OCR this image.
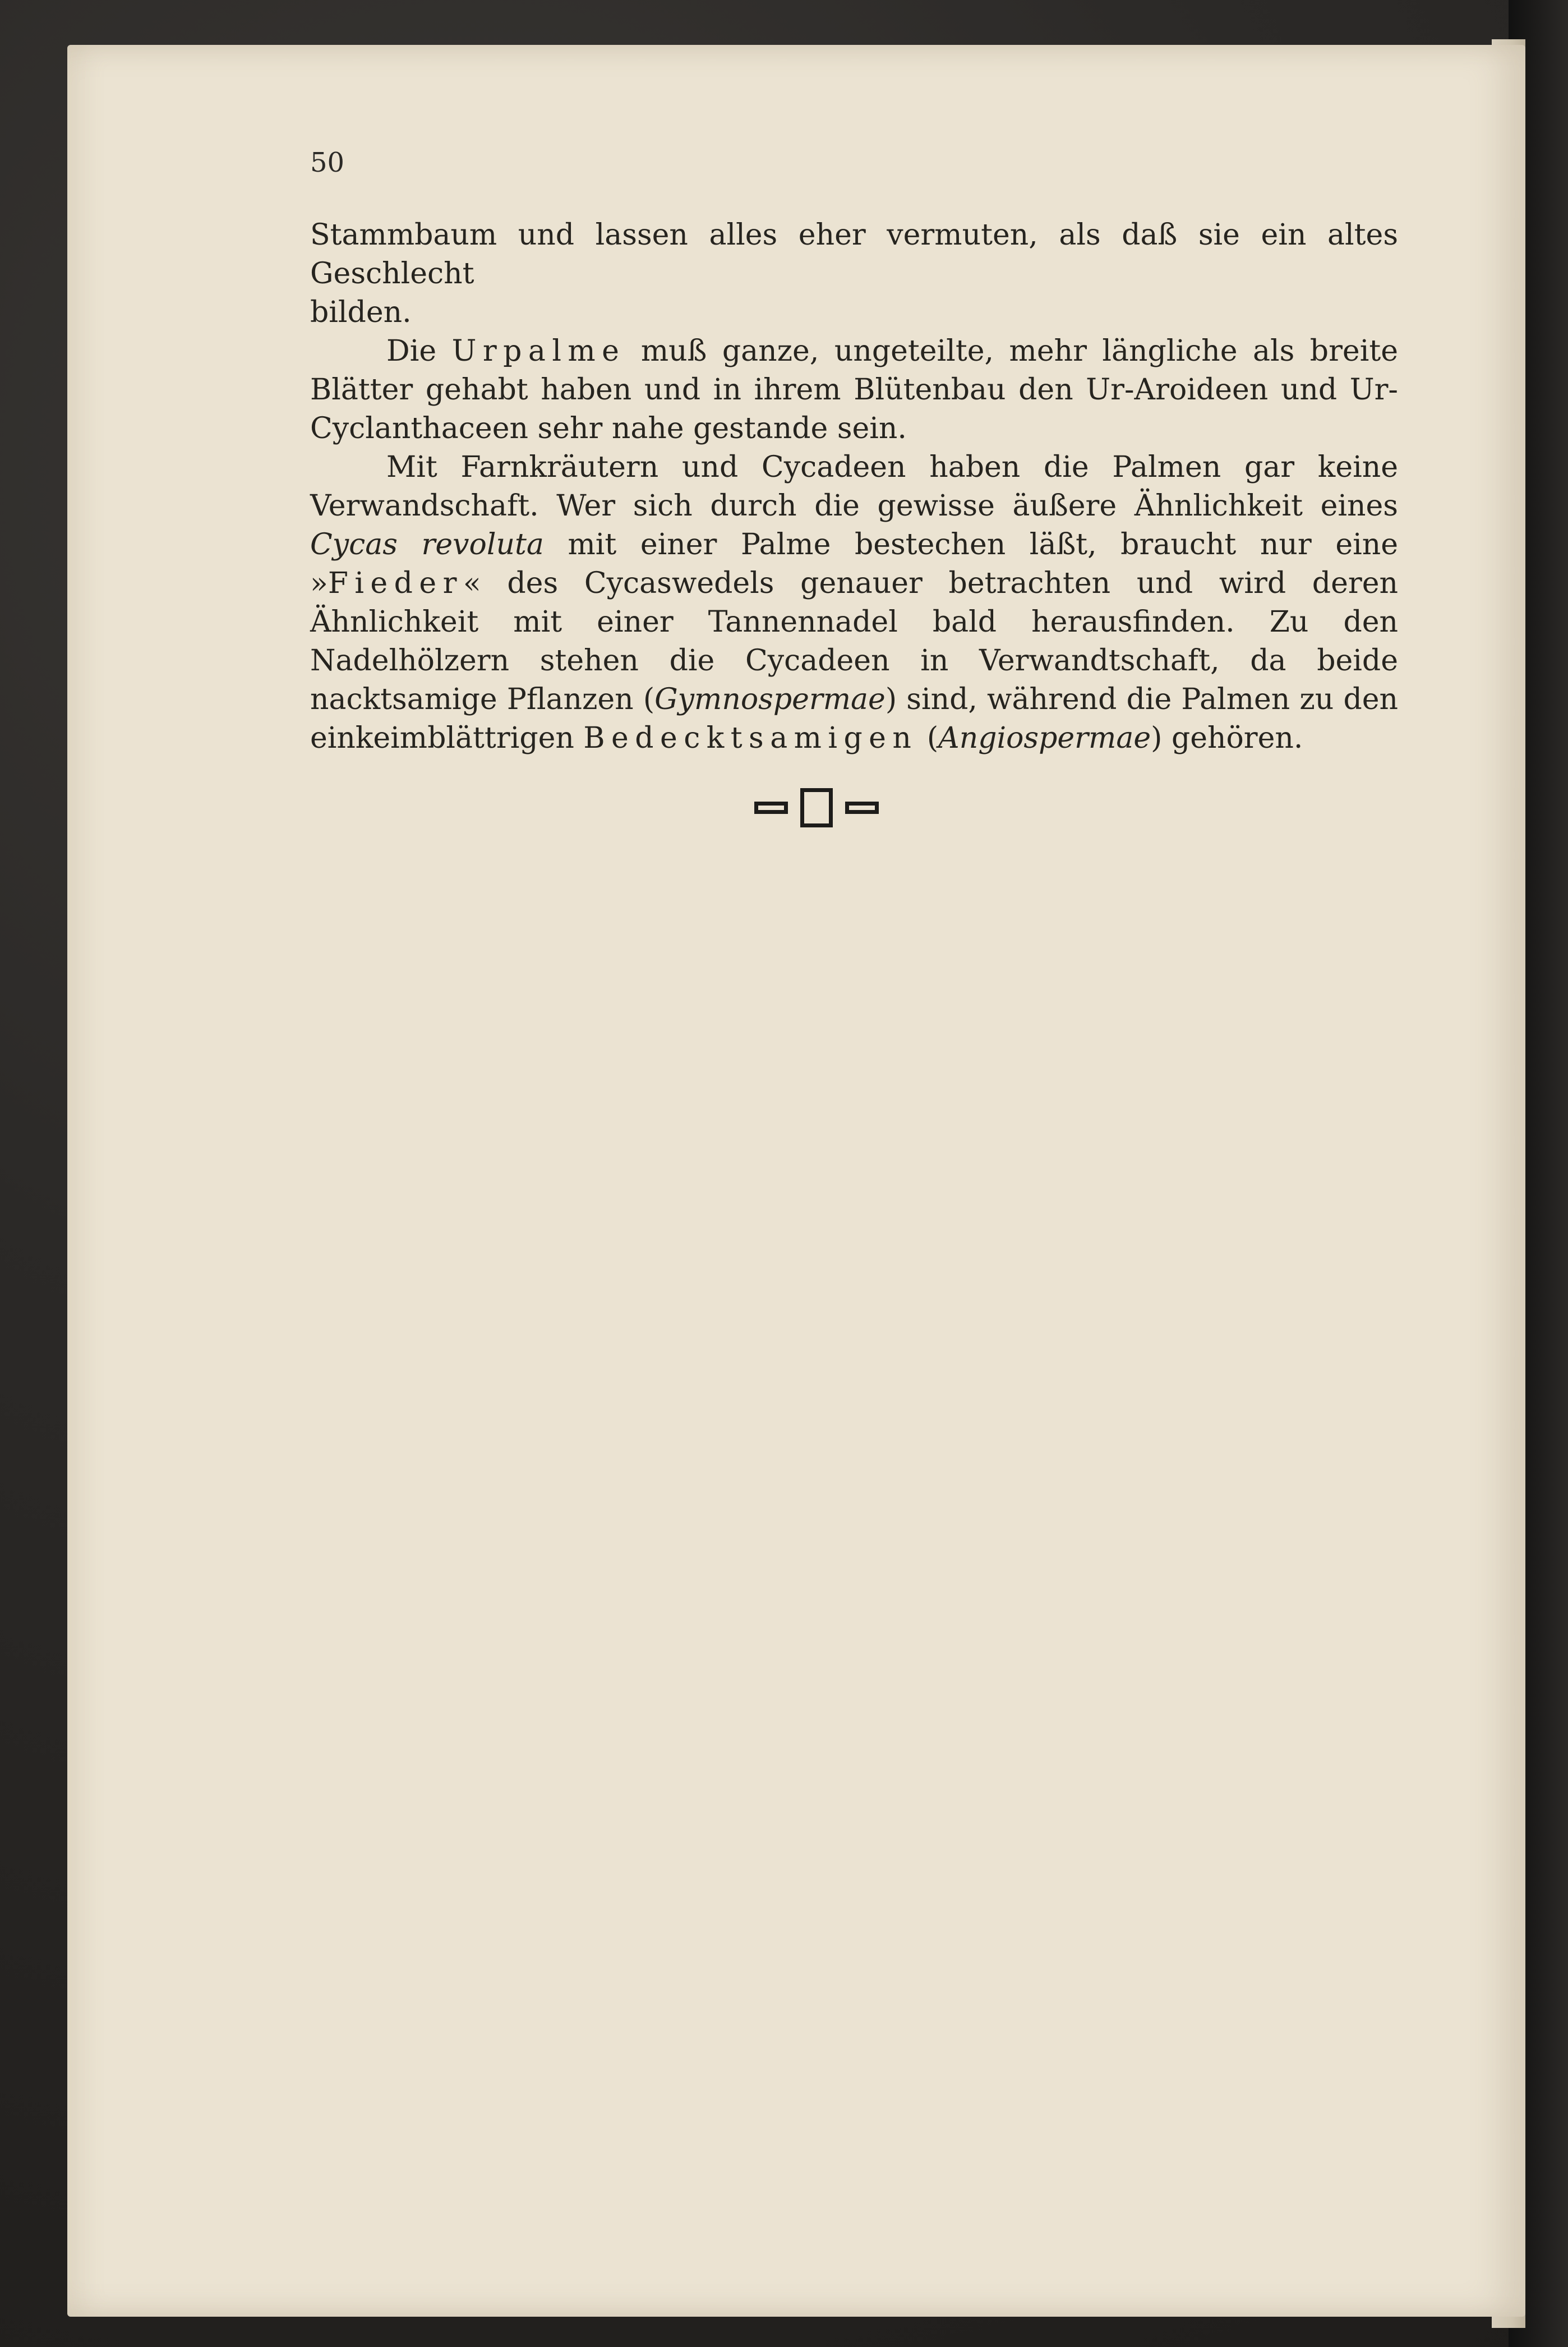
50

Stammbaum und lassen alles eher vermuten, als daß sie ein altes Geschlecht
bilden.

Die Urpalme muß ganze, ungeteilte, mehr längliche als breite Blätter gehabt haben und in ihrem Blütenbau den Ur-Aroideen und Ur-Cyclanthaceen sehr nahe gestande sein.

Mit Farnkräutern und Cycadeen haben die Palmen gar keine Verwandschaft. Wer sich durch die gewisse äußere Ähnlichkeit eines Cycas revoluta mit einer Palme bestechen läßt, braucht nur eine »Fieder« des Cycaswedels genauer betrachten und wird deren Ähnlichkeit mit einer Tannennadel bald herausfinden. Zu den Nadelhölzern stehen die Cycadeen in Verwandtschaft, da beide nacktsamige Pflanzen (Gymnospermae) sind, während die Palmen zu den einkeimblättrigen Bedecktsamigen (Angiospermae) gehören.
